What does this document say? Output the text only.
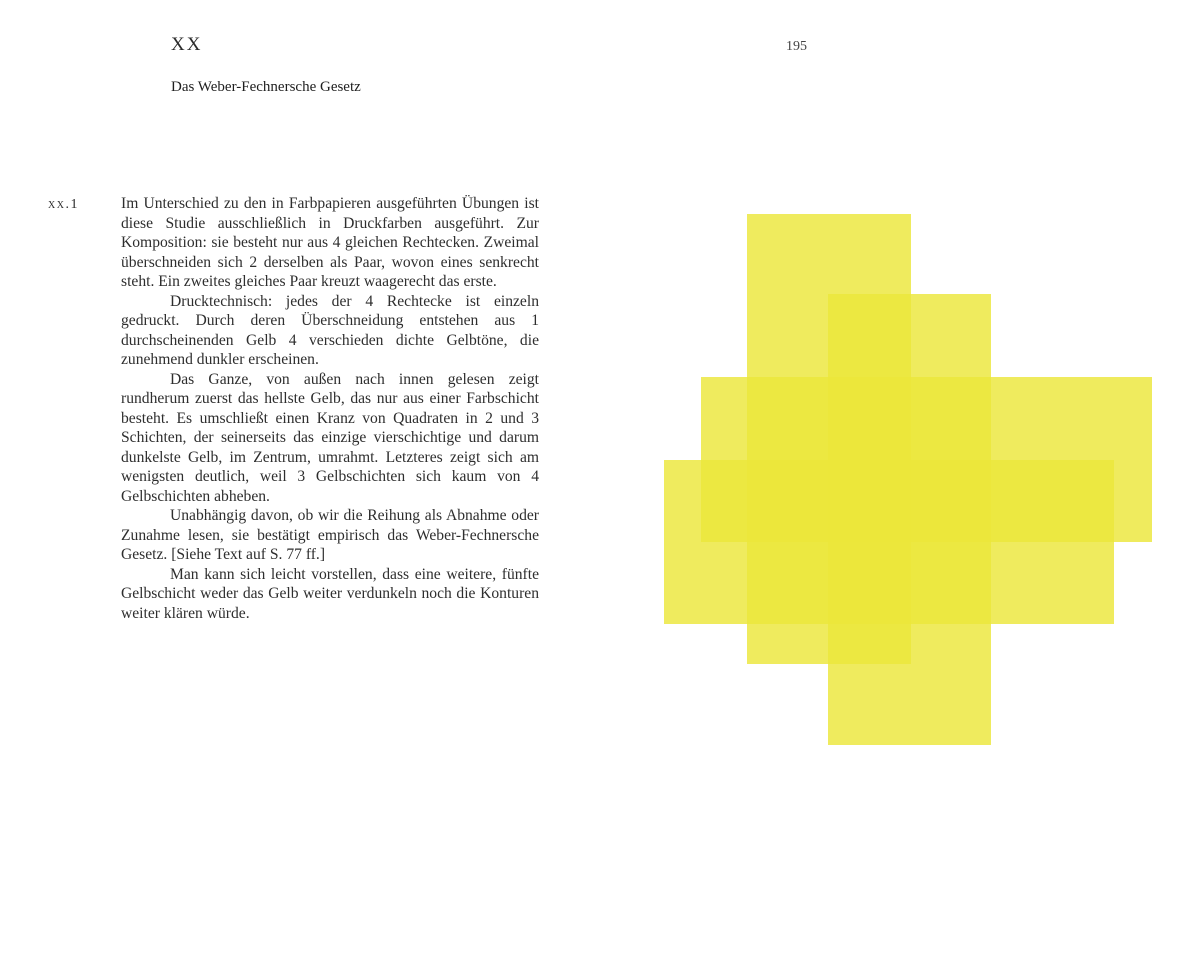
XX
Das Weber-Fechnersche Gesetz
195
xx.1	Im Unterschied zu den in Farbpapieren ausgeführten Übungen ist diese Studie ausschließlich in Druckfarben ausgeführt. Zur Komposition: sie besteht nur aus 4 gleichen Rechtecken. Zweimal überschneiden sich 2 derselben als Paar, wovon eines senkrecht steht. Ein zweites gleiches Paar kreuzt waagerecht das erste.

Drucktechnisch: jedes der 4 Rechtecke ist einzeln gedruckt. Durch deren Überschneidung entstehen aus 1 durchscheinenden Gelb 4 verschieden dichte Gelbtöne, die zunehmend dunkler erscheinen.

Das Ganze, von außen nach innen gelesen zeigt rundherum zuerst das hellste Gelb, das nur aus einer Farbschicht besteht. Es umschließt einen Kranz von Quadraten in 2 und 3 Schichten, der seinerseits das einzige vierschichtige und darum dunkelste Gelb, im Zentrum, umrahmt. Letzteres zeigt sich am wenigsten deutlich, weil 3 Gelbschichten sich kaum von 4 Gelbschichten abheben.

Unabhängig davon, ob wir die Reihung als Abnahme oder Zunahme lesen, sie bestätigt empirisch das Weber-Fechnersche Gesetz. [Siehe Text auf S. 77 ff.]

Man kann sich leicht vorstellen, dass eine weitere, fünfte Gelbschicht weder das Gelb weiter verdunkeln noch die Konturen weiter klären würde.
